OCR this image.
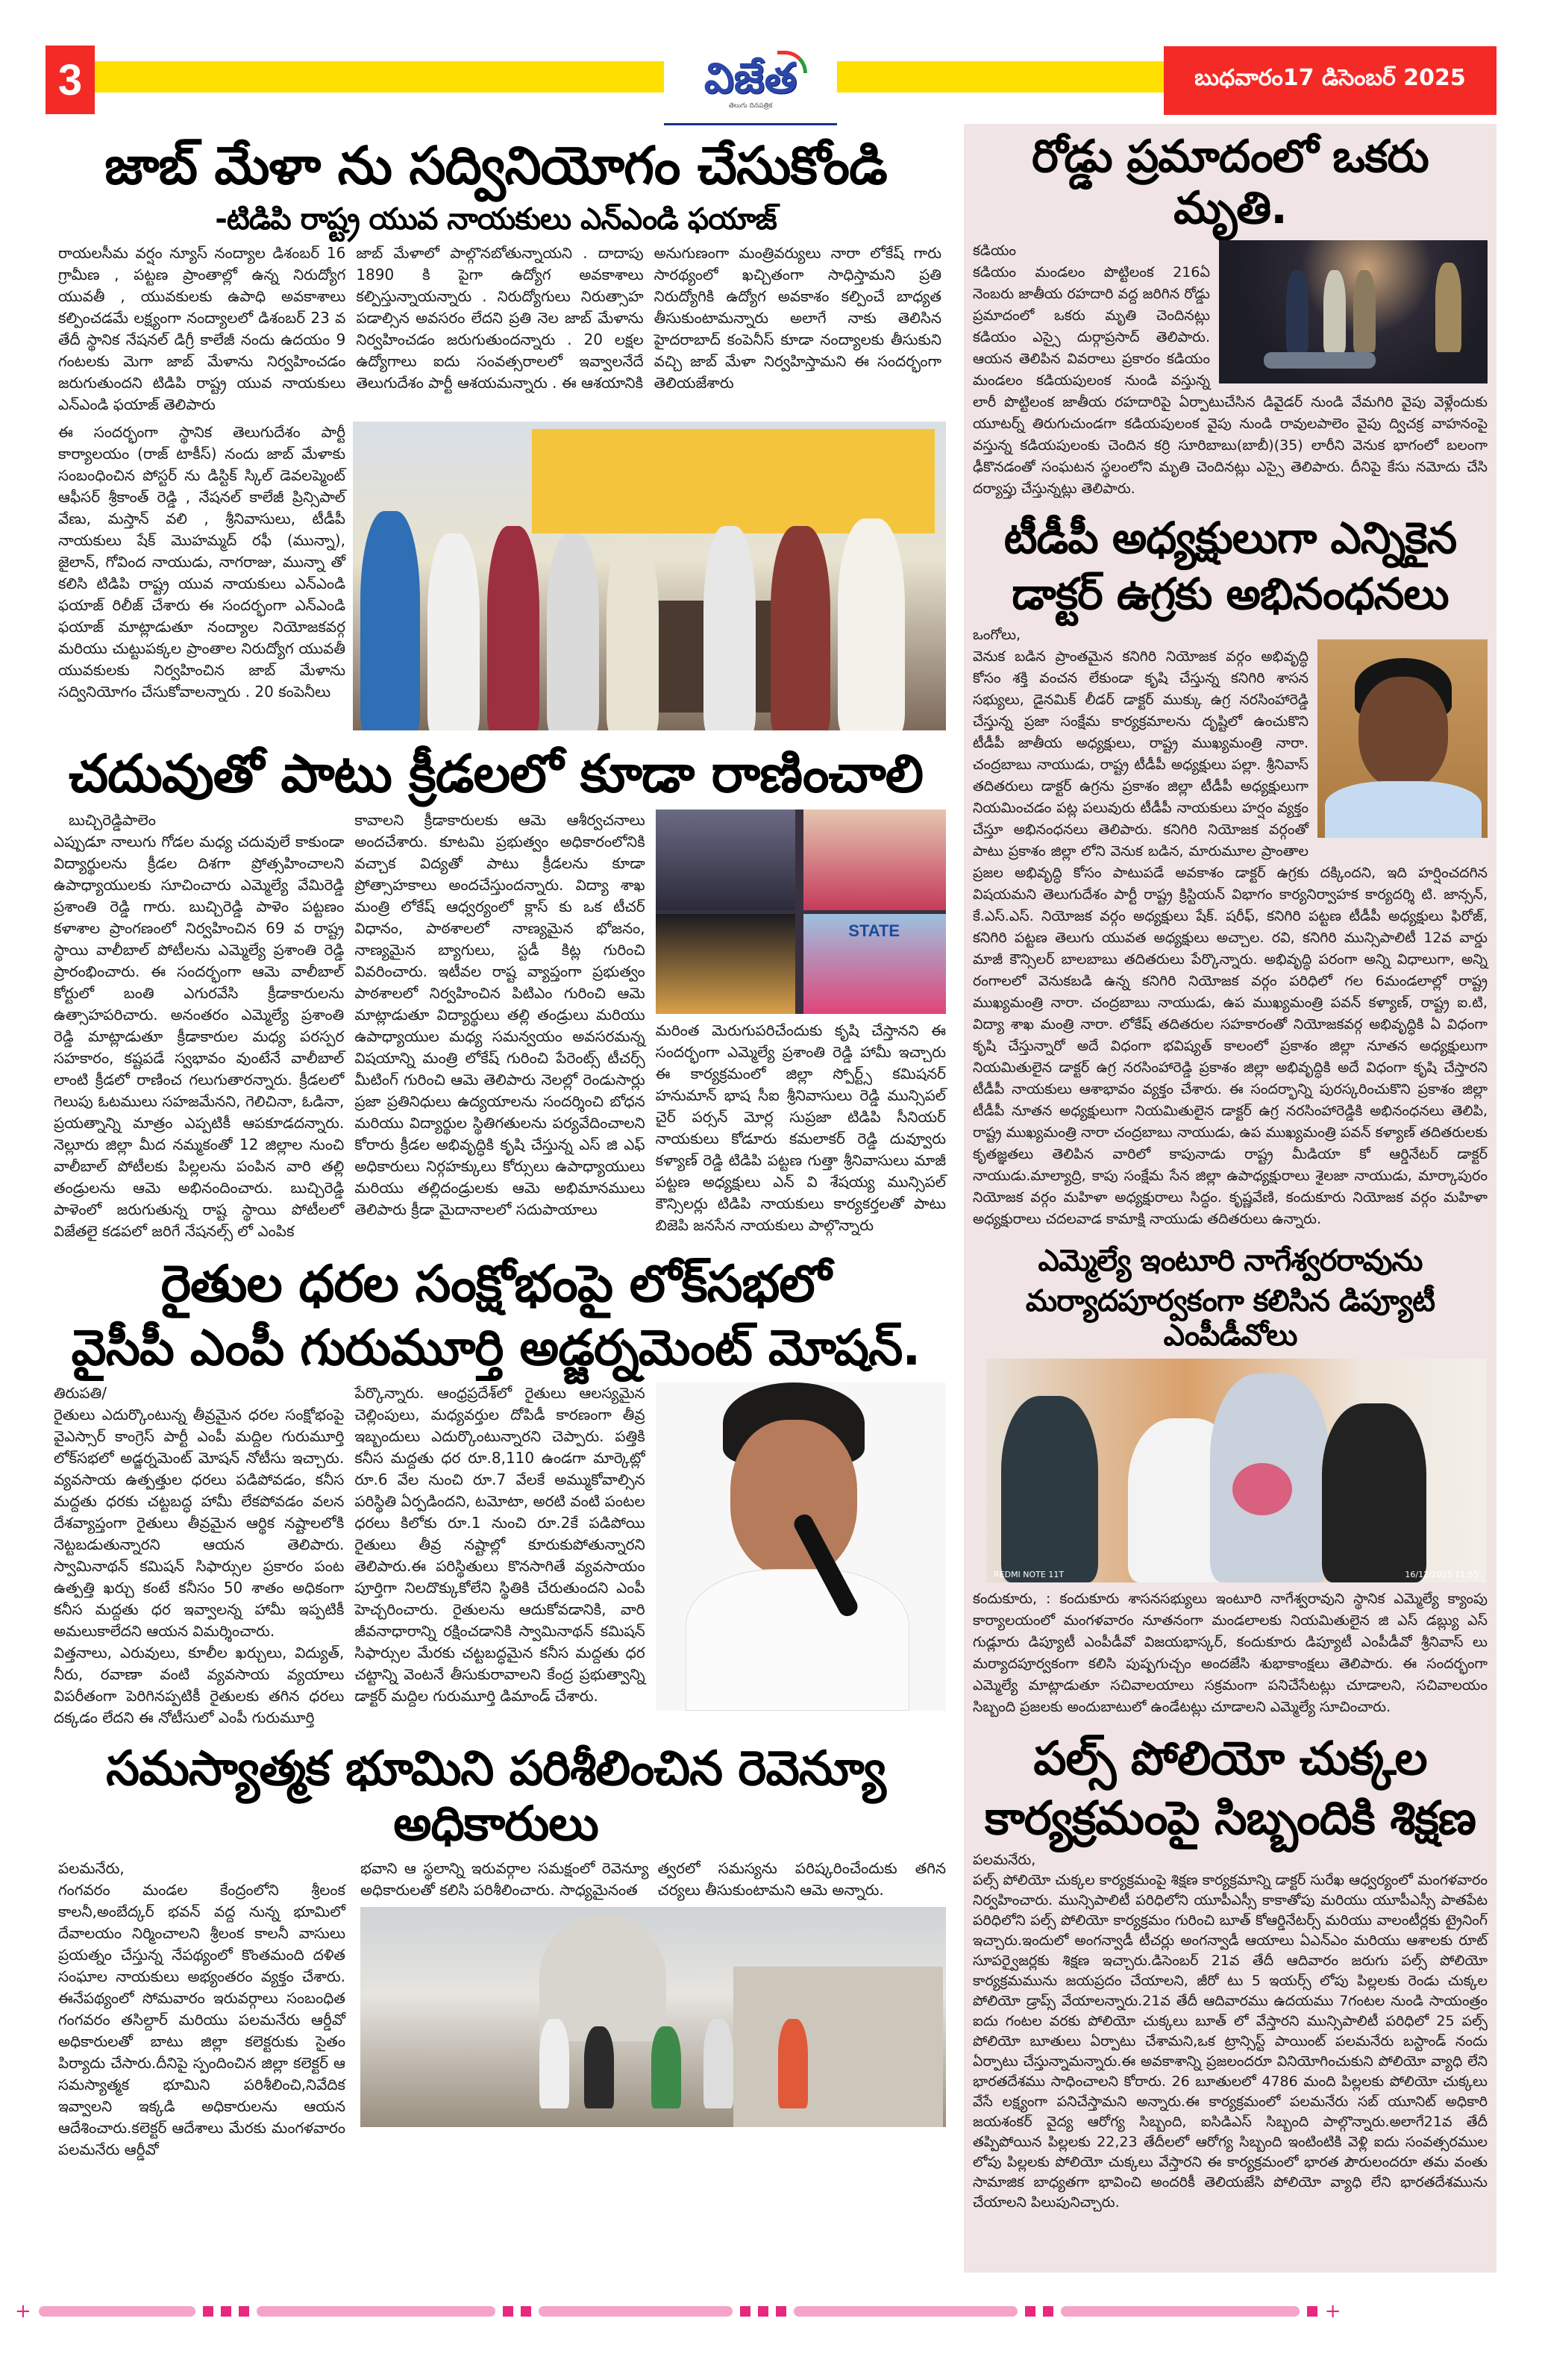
3	విజేత
తెలుగు దినపత్రిక
బుధవారం17 డిసెంబర్ 2025
జాబ్ మేళా ను సద్వినియోగం చేసుకోండి
-టిడిపి రాష్ట్ర యువ నాయకులు ఎన్ఎండి ఫయాజ్
రాయలసీమ వర్షం న్యూస్ నంద్యాల డిశంబర్ 16 గ్రామీణ , పట్టణ ప్రాంతాల్లో ఉన్న నిరుద్యోగ యువతీ , యువకులకు ఉపాధి అవకాశాలు కల్పించడమే లక్ష్యంగా నంద్యాలలో డిశంబర్ 23 వ తేదీ స్థానిక నేషనల్ డిగ్రీ కాలేజీ నందు ఉదయం 9 గంటలకు మెగా జాబ్ మేళాను నిర్వహించడం జరుగుతుందని టిడిపి రాష్ట్ర యువ నాయకులు ఎన్ఎండి ఫయాజ్ తెలిపారు
జాబ్ మేళాలో పాల్గొనబోతున్నాయని . దాదాపు 1890 కి పైగా ఉద్యోగ అవకాశాలు కల్పిస్తున్నాయన్నారు . నిరుద్యోగులు నిరుత్సాహ పడాల్సిన అవసరం లేదని ప్రతి నెల జాబ్ మేళాను నిర్వహించడం జరుగుతుందన్నారు . 20 లక్షల ఉద్యోగాలు ఐదు సంవత్సరాలలో ఇవ్వాలనేదే తెలుగుదేశం పార్టీ ఆశయమన్నారు . ఈ ఆశయానికి
అనుగుణంగా మంత్రివర్యులు నారా లోకేష్ గారు సారథ్యంలో ఖచ్చితంగా సాధిస్తామని ప్రతి నిరుద్యోగికి ఉద్యోగ అవకాశం కల్పించే బాధ్యత తీసుకుంటామన్నారు అలాగే నాకు తెలిసిన హైదరాబాద్ కంపెనీస్ కూడా నంద్యాలకు తీసుకుని వచ్చి జాబ్ మేళా నిర్వహిస్తామని ఈ సందర్భంగా తెలియజేశారు
ఈ సందర్భంగా స్థానిక తెలుగుదేశం పార్టీ కార్యాలయం (రాజ్ టాకీస్) నందు జాబ్ మేళాకు సంబంధించిన పోస్టర్ ను డిస్టిక్ స్కిల్ డెవలప్మెంట్ ఆఫీసర్ శ్రీకాంత్ రెడ్డి , నేషనల్ కాలేజీ ప్రిన్సిపాల్ వేణు, మస్తాన్ వలి , శ్రీనివాసులు, టీడీపీ నాయకులు షేక్ మొహమ్మద్ రఫీ (మున్నా), జైలాన్, గోవింద నాయుడు, నాగరాజు, మున్నా తో కలిసి టిడిపి రాష్ట్ర యువ నాయకులు ఎన్ఎండి ఫయాజ్ రిలీజ్ చేశారు ఈ సందర్భంగా ఎన్ఎండి ఫయాజ్ మాట్లాడుతూ నంద్యాల నియోజకవర్గ మరియు చుట్టుపక్కల ప్రాంతాల నిరుద్యోగ యువతీ యువకులకు నిర్వహించిన జాబ్ మేళాను సద్వినియోగం చేసుకోవాలన్నారు . 20 కంపెనీలు
చదువుతో పాటు క్రీడలలో కూడా రాణించాలి
బుచ్చిరెడ్డిపాలెం
ఎప్పుడూ నాలుగు గోడల మధ్య చదువులే కాకుండా విద్యార్థులను క్రీడల దిశగా ప్రోత్సహించాలని ఉపాధ్యాయులకు సూచించారు ఎమ్మెల్యే వేమిరెడ్డి ప్రశాంతి రెడ్డి గారు. బుచ్చిరెడ్డి పాళెం పట్టణం కళాశాల ప్రాంగణంలో నిర్వహించిన 69 వ రాష్ట్ర స్థాయి వాలీబాల్ పోటీలను ఎమ్మెల్యే ప్రశాంతి రెడ్డి ప్రారంభించారు. ఈ సందర్భంగా ఆమె వాలీబాల్ కోర్టులో బంతి ఎగురవేసి క్రీడాకారులను ఉత్సాహపరిచారు. అనంతరం ఎమ్మెల్యే ప్రశాంతి రెడ్డి మాట్లాడుతూ క్రీడాకారుల మధ్య పరస్పర సహకారం, కష్టపడే స్వభావం వుంటేనే వాలీబాల్ లాంటి క్రీడలో రాణించ గలుగుతారన్నారు. క్రీడలలో గెలుపు ఓటములు సహజమేనని, గెలిచినా, ఓడినా, ప్రయత్నాన్ని మాత్రం ఎప్పటికీ ఆపకూడదన్నారు. నెల్లూరు జిల్లా మీద నమ్మకంతో 12 జిల్లాల నుంచి వాలీబాల్ పోటీలకు పిల్లలను పంపిన వారి తల్లి తండ్రులను ఆమె అభినందించారు. బుచ్చిరెడ్డి పాళెంలో జరుగుతున్న రాష్ట స్థాయి పోటీలలో విజేతలై కడపలో జరిగే నేషనల్స్ లో ఎంపిక
కావాలని క్రీడాకారులకు ఆమె ఆశీర్వచనాలు అందచేశారు. కూటమి ప్రభుత్వం అధికారంలోనికి వచ్చాక విద్యతో పాటు క్రీడలను కూడా ప్రోత్సాహకాలు అందచేస్తుందన్నారు. విద్యా శాఖ మంత్రి లోకేష్ ఆధ్వర్యంలో క్లాస్ కు ఒక టీచర్ విధానం, పాఠశాలలో నాణ్యమైన భోజనం, నాణ్యమైన బ్యాగులు, స్టడీ కిట్ల గురించి వివరించారు. ఇటీవల రాష్ట వ్యాప్తంగా ప్రభుత్వం పాఠశాలలో నిర్వహించిన పిటిఎం గురించి ఆమె మాట్లాడుతూ విద్యార్థులు తల్లి తండ్రులు మరియు ఉపాధ్యాయుల మధ్య సమన్వయం అవసరమన్న విషయాన్ని మంత్రి లోకేష్ గురించి పేరెంట్స్ టీచర్స్ మీటింగ్ గురించి ఆమె తెలిపారు నెలల్లో రెండుసార్లు ప్రజా ప్రతినిధులు ఉద్యయాలను సందర్శించి బోధన మరియు విద్యార్థుల స్థితిగతులను పర్యవేదించాలని కోరారు క్రీడల అభివృద్ధికి కృషి చేస్తున్న ఎస్ జి ఎఫ్ అధికారులు నిర్గహక్కులు కోర్సులు ఉపాధ్యాయులు మరియు తల్లిదండ్రులకు ఆమె అభిమానములు తెలిపారు క్రీడా మైదానాలలో సదుపాయాలు
STATE
మరింత మెరుగుపరిచేందుకు కృషి చేస్తానని ఈ సందర్భంగా ఎమ్మెల్యే ప్రశాంతి రెడ్డి హామీ ఇచ్చారు ఈ కార్యక్రమంలో జిల్లా స్పోర్ట్స్ కమిషనర్ హనుమాన్ భాష సీఐ శ్రీనివాసులు రెడ్డి మున్సిపల్ చైర్ పర్సన్ మోర్ల సుప్రజా టిడిపి సీనియర్ నాయకులు కోడూరు కమలాకర్ రెడ్డి దువ్వూరు కళ్యాణ్ రెడ్డి టిడిపి పట్టణ గుత్తా శ్రీనివాసులు మాజీ పట్టణ అధ్యక్షులు ఎన్ వి శేషయ్య మున్సిపల్ కౌన్సిలర్లు టిడిపి నాయకులు కార్యకర్తలతో పాటు బిజెపి జనసేన నాయకులు పాల్గొన్నారు
రైతుల ధరల సంక్షోభంపై లోక్‌సభలో
వైసీపీ ఎంపీ గురుమూర్తి అడ్జర్నమెంట్ మోషన్.
తిరుపతి/
రైతులు ఎదుర్కొంటున్న తీవ్రమైన ధరల సంక్షోభంపై వైఎస్సార్ కాంగ్రెస్ పార్టీ ఎంపీ మద్దిల గురుమూర్తి లోక్‌సభలో అడ్జర్నమెంట్ మోషన్ నోటీసు ఇచ్చారు. వ్యవసాయ ఉత్పత్తుల ధరలు పడిపోవడం, కనీస మద్దతు ధరకు చట్టబద్ధ హామీ లేకపోవడం వలన దేశవ్యాప్తంగా రైతులు తీవ్రమైన ఆర్థిక నష్టాలలోకి నెట్టబడుతున్నారని ఆయన తెలిపారు. స్వామినాథన్ కమిషన్ సిఫార్సుల ప్రకారం పంట ఉత్పత్తి ఖర్చు కంటే కనీసం 50 శాతం అధికంగా కనీస మద్దతు ధర ఇవ్వాలన్న హామీ ఇప్పటికీ అమలుకాలేదని ఆయన విమర్శించారు.
విత్తనాలు, ఎరువులు, కూలీల ఖర్చులు, విద్యుత్, నీరు, రవాణా వంటి వ్యవసాయ వ్యయాలు విపరీతంగా పెరిగినప్పటికీ రైతులకు తగిన ధరలు దక్కడం లేదని ఈ నోటీసులో ఎంపీ గురుమూర్తి
పేర్కొన్నారు. ఆంధ్రప్రదేశ్‌లో రైతులు ఆలస్యమైన చెల్లింపులు, మధ్యవర్తుల దోపిడీ కారణంగా తీవ్ర ఇబ్బందులు ఎదుర్కొంటున్నారని చెప్పారు. పత్తికి కనీస మద్దతు ధర రూ.8,110 ఉండగా మార్కెట్లో రూ.6 వేల నుంచి రూ.7 వేలకే అమ్ముకోవాల్సిన పరిస్థితి ఏర్పడిందని, టమోటా, అరటి వంటి పంటల ధరలు కిలోకు రూ.1 నుంచి రూ.2కే పడిపోయి రైతులు తీవ్ర నష్టాల్లో కూరుకుపోతున్నారని తెలిపారు.ఈ పరిస్థితులు కొనసాగితే వ్యవసాయం పూర్తిగా నిలదొక్కుకోలేని స్థితికి చేరుతుందని ఎంపీ హెచ్చరించారు. రైతులను ఆదుకోవడానికి, వారి జీవనాధారాన్ని రక్షించడానికి స్వామినాథన్ కమిషన్ సిఫార్సుల మేరకు చట్టబద్ధమైన కనీస మద్దతు ధర చట్టాన్ని వెంటనే తీసుకురావాలని కేంద్ర ప్రభుత్వాన్ని డాక్టర్ మద్దిల గురుమూర్తి డిమాండ్ చేశారు.
సమస్యాత్మక భూమిని పరిశీలించిన రెవెన్యూ అధికారులు
పలమనేరు,
గంగవరం మండల కేంద్రంలోని శ్రీలంక కాలనీ,అంబేద్కర్ భవన్ వద్ద నున్న భూమిలో దేవాలయం నిర్మించాలని శ్రీలంక కాలనీ వాసులు ప్రయత్నం చేస్తున్న నేపథ్యంలో కొంతమంది దళిత సంఘాల నాయకులు అభ్యంతరం వ్యక్తం చేశారు. ఈనేపథ్యంలో సోమవారం ఇరువర్గాలు సంబంధిత గంగవరం తసిల్దార్ మరియు పలమనేరు ఆర్డీవో అధికారులతో బాటు జిల్లా కలెక్టరుకు సైతం పిర్యాదు చేసారు.దీనిపై స్పందించిన జిల్లా కలెక్టర్ ఆ సమస్యాత్మక భూమిని పరిశీలించి,నివేదిక ఇవ్వాలని ఇక్కడి అధికారులను ఆయన ఆదేశించారు.కలెక్టర్ ఆదేశాలు మేరకు మంగళవారం పలమనేరు ఆర్డీవో
భవాని ఆ స్థలాన్ని ఇరువర్గాల సమక్షంలో రెవెన్యూ అధికారులతో కలిసి పరిశీలించారు. సాధ్యమైనంత
త్వరలో సమస్యను పరిష్కరించేందుకు తగిన చర్యలు తీసుకుంటామని ఆమె అన్నారు.
రోడ్డు ప్రమాదంలో ఒకరు మృతి.
కడియం
కడియం మండలం పొట్టిలంక 216ఏ నెంబరు జాతీయ రహదారి వద్ద జరిగిన రోడ్డు ప్రమాదంలో ఒకరు మృతి చెందినట్లు కడియం ఎస్సై దుర్గాప్రసాద్ తెలిపారు. ఆయన తెలిపిన వివరాలు ప్రకారం కడియం మండలం కడియపులంక నుండి వస్తున్న లారీ పొట్టిలంక జాతీయ రహదారిపై ఏర్పాటుచేసిన డివైడర్ నుండి వేమగిరి వైపు వెళ్లేందుకు యూటర్న్ తిరుగుచుండగా కడియపులంక వైపు నుండి రావులపాలెం వైపు ద్విచక్ర వాహనంపై వస్తున్న కడియపులంకు చెందిన కర్రి సూరిబాబు(బాబీ)(35) లారీని వెనుక భాగంలో బలంగా ఢీకొనడంతో సంఘటన స్థలంలోని మృతి చెందినట్లు ఎస్సై తెలిపారు. దీనిపై కేసు నమోదు చేసి దర్యాప్తు చేస్తున్నట్లు తెలిపారు.
టీడీపీ అధ్యక్షులుగా ఎన్నికైన
డాక్టర్ ఉగ్రకు అభినంధనలు
ఒంగోలు,
వెనుక బడిన ప్రాంతమైన కనిగిరి నియోజక వర్గం అభివృద్ధి కోసం శక్తి వంచన లేకుండా కృషి చేస్తున్న కనిగిరి శాసన సభ్యులు, డైనమిక్ లీడర్ డాక్టర్ ముక్కు ఉగ్ర నరసింహారెడ్డి చేస్తున్న ప్రజా సంక్షేమ కార్యక్రమాలను దృష్టిలో ఉంచుకొని టీడీపీ జాతీయ అధ్యక్షులు, రాష్ట్ర ముఖ్యమంత్రి నారా. చంద్రబాబు నాయుడు, రాష్ట్ర టీడీపీ అధ్యక్షులు పల్లా. శ్రీనివాస్ తదితరులు డాక్టర్ ఉగ్రను ప్రకాశం జిల్లా టీడీపీ అధ్యక్షులుగా నియమించడం పట్ల పలువురు టీడీపీ నాయకులు హర్షం వ్యక్తం చేస్తూ అభినంధనలు తెలిపారు. కనిగిరి నియోజక వర్గంతో పాటు ప్రకాశం జిల్లా లోని వెనుక బడిన, మారుమూల ప్రాంతాల ప్రజల అభివృద్ధి కోసం పాటుపడే అవకాశం డాక్టర్ ఉగ్రకు దక్కిందని, ఇది హర్షించదగిన విషయమని తెలుగుదేశం పార్టీ రాష్ట్ర క్రిస్టియన్ విభాగం కార్యనిర్వాహక కార్యదర్శి టి. జాన్సన్, కే.ఎస్.ఎస్. నియోజక వర్గం అధ్యక్షులు షేక్. షరీఫ్, కనిగిరి పట్టణ టీడీపీ అధ్యక్షులు ఫిరోజ్, కనిగిరి పట్టణ తెలుగు యువత అధ్యక్షులు అచ్చాల. రవి, కనిగిరి మున్సిపాలిటీ 12వ వార్డు మాజీ కౌన్సిలర్ బాలబాబు తదితరులు పేర్కొన్నారు. అభివృద్ధి పరంగా అన్ని విధాలుగా, అన్ని రంగాలలో వెనుకబడి ఉన్న కనిగిరి నియోజక వర్గం పరిధిలో గల 6మండలాల్లో రాష్ట్ర ముఖ్యమంత్రి నారా. చంద్రబాబు నాయుడు, ఉప ముఖ్యమంత్రి పవన్ కళ్యాణ్, రాష్ట్ర ఐ.టి, విద్యా శాఖ మంత్రి నారా. లోకేష్ తదితరుల సహకారంతో నియోజకవర్గ అభివృద్ధికి ఏ విధంగా కృషి చేస్తున్నారో అదే విధంగా భవిష్యత్ కాలంలో ప్రకాశం జిల్లా నూతన అధ్యక్షులుగా నియమితులైన డాక్టర్ ఉగ్ర నరసింహారెడ్డి ప్రకాశం జిల్లా అభివృద్ధికి అదే విధంగా కృషి చేస్తారని టీడీపీ నాయకులు ఆశాభావం వ్యక్తం చేశారు. ఈ సందర్భాన్ని పురస్కరించుకొని ప్రకాశం జిల్లా టీడీపీ నూతన అధ్యక్షులుగా నియమితులైన డాక్టర్ ఉగ్ర నరసింహారెడ్డికి అభినంధనలు తెలిపి, రాష్ట్ర ముఖ్యమంత్రి నారా చంద్రబాబు నాయుడు, ఉప ముఖ్యమంత్రి పవన్ కళ్యాణ్ తదితరులకు కృతజ్ఞతలు తెలిపిన వారిలో కాపునాడు రాష్ట్ర మీడియా కో ఆర్డినేటర్ డాక్టర్ నాయుడు.మాల్యాద్రి, కాపు సంక్షేమ సేన జిల్లా ఉపాధ్యక్షురాలు శైలజా నాయుడు, మార్కాపురం నియోజక వర్గం మహిళా అధ్యక్షురాలు సిద్ధం. కృష్ణవేణి, కందుకూరు నియోజక వర్గం మహిళా అధ్యక్షురాలు చదలవాడ కామాక్షి నాయుడు తదితరులు ఉన్నారు.
ఎమ్మెల్యే ఇంటూరి నాగేశ్వరరావును
మర్యాదపూర్వకంగా కలిసిన డిప్యూటీ ఎంపీడీవోలు
REDMI NOTE 11T	16/12/2025 11:55
కందుకూరు, : కందుకూరు శాసనసభ్యులు ఇంటూరి నాగేశ్వరావుని స్థానిక ఎమ్మెల్యే క్యాంపు కార్యాలయంలో మంగళవారం నూతనంగా మండలాలకు నియమితులైన జి ఎస్ డబ్ల్యు ఎస్ గుడ్లూరు డిప్యూటీ ఎంపీడీవో విజయభాస్కర్, కందుకూరు డిప్యూటీ ఎంపీడీవో శ్రీనివాస్ లు మర్యాదపూర్వకంగా కలిసి పుష్పగుచ్చం అందజేసి శుభాకాంక్షలు తెలిపారు. ఈ సందర్భంగా ఎమ్మెల్యే మాట్లాడుతూ సచివాలయాలు సక్రమంగా పనిచేసేటట్లు చూడాలని, సచివాలయం సిబ్బంది ప్రజలకు అందుబాటులో ఉండేటట్లు చూడాలని ఎమ్మెల్యే సూచించారు.
పల్స్ పోలియో చుక్కల
కార్యక్రమంపై సిబ్బందికి శిక్షణ
పలమనేరు,
పల్స్ పోలియో చుక్కల కార్యక్రమంపై శిక్షణ కార్యక్రమాన్ని డాక్టర్ సురేఖ ఆధ్వర్యంలో మంగళవారం నిర్వహించారు. మున్సిపాలిటీ పరిధిలోని యూపీఎస్సీ కాకాతోపు మరియు యూపీఎస్సీ పాతపేట పరిధిలోని పల్స్ పోలియో కార్యక్రమం గురించి బూత్ కోఆర్డినేటర్స్ మరియు వాలంటీర్లకు ట్రైనింగ్ ఇచ్చారు.ఇందులో అంగన్వాడీ టీచర్లు అంగన్వాడీ ఆయాలు ఏఎన్ఎం మరియు ఆశాలకు రూట్ సూపర్వైజర్లకు శిక్షణ ఇచ్చారు.డిసెంబర్ 21వ తేదీ ఆదివారం జరుగు పల్స్ పోలియో కార్యక్రమమును జయప్రదం చేయాలని, జీరో టు 5 ఇయర్స్ లోపు పిల్లలకు రెండు చుక్కల పోలియో డ్రాప్స్ వేయాలన్నారు.21వ తేదీ ఆదివారము ఉదయము 7గంటల నుండి సాయంత్రం ఐదు గంటల వరకు పోలియో చుక్కలు బూత్ లో వేస్తారని మున్సిపాలిటీ పరిధిలో 25 పల్స్ పోలియో బూతులు ఏర్పాటు చేశామని,ఒక ట్రాన్సిస్ట్ పాయింట్ పలమనేరు బస్టాండ్ నందు ఏర్పాటు చేస్తున్నామన్నారు.ఈ అవకాశాన్ని ప్రజలందరూ వినియోగించుకుని పోలియో వ్యాధి లేని భారతదేశము సాధించాలని కోరారు. 26 బూతులలో 4786 మంది పిల్లలకు పోలియో చుక్కలు వేసే లక్ష్యంగా పనిచేస్తామని అన్నారు.ఈ కార్యక్రమంలో పలమనేరు సబ్ యూనిట్ అధికారి జయశంకర్ వైద్య ఆరోగ్య సిబ్బంది, ఐసిడిఎస్ సిబ్బంది పాల్గొన్నారు.అలాగే21వ తేదీ తప్పిపోయిన పిల్లలకు 22,23 తేదీలలో ఆరోగ్య సిబ్బంది ఇంటింటికి వెళ్లి ఐదు సంవత్సరముల లోపు పిల్లలకు పోలియో చుక్కలు వేస్తారని ఈ కార్యక్రమంలో భారత పౌరులందరూ తమ వంతు సామాజిక బాధ్యతగా భావించి అందరికీ తెలియజేసి పోలియో వ్యాధి లేని భారతదేశమును చేయాలని పిలుపునిచ్చారు.
+	+
